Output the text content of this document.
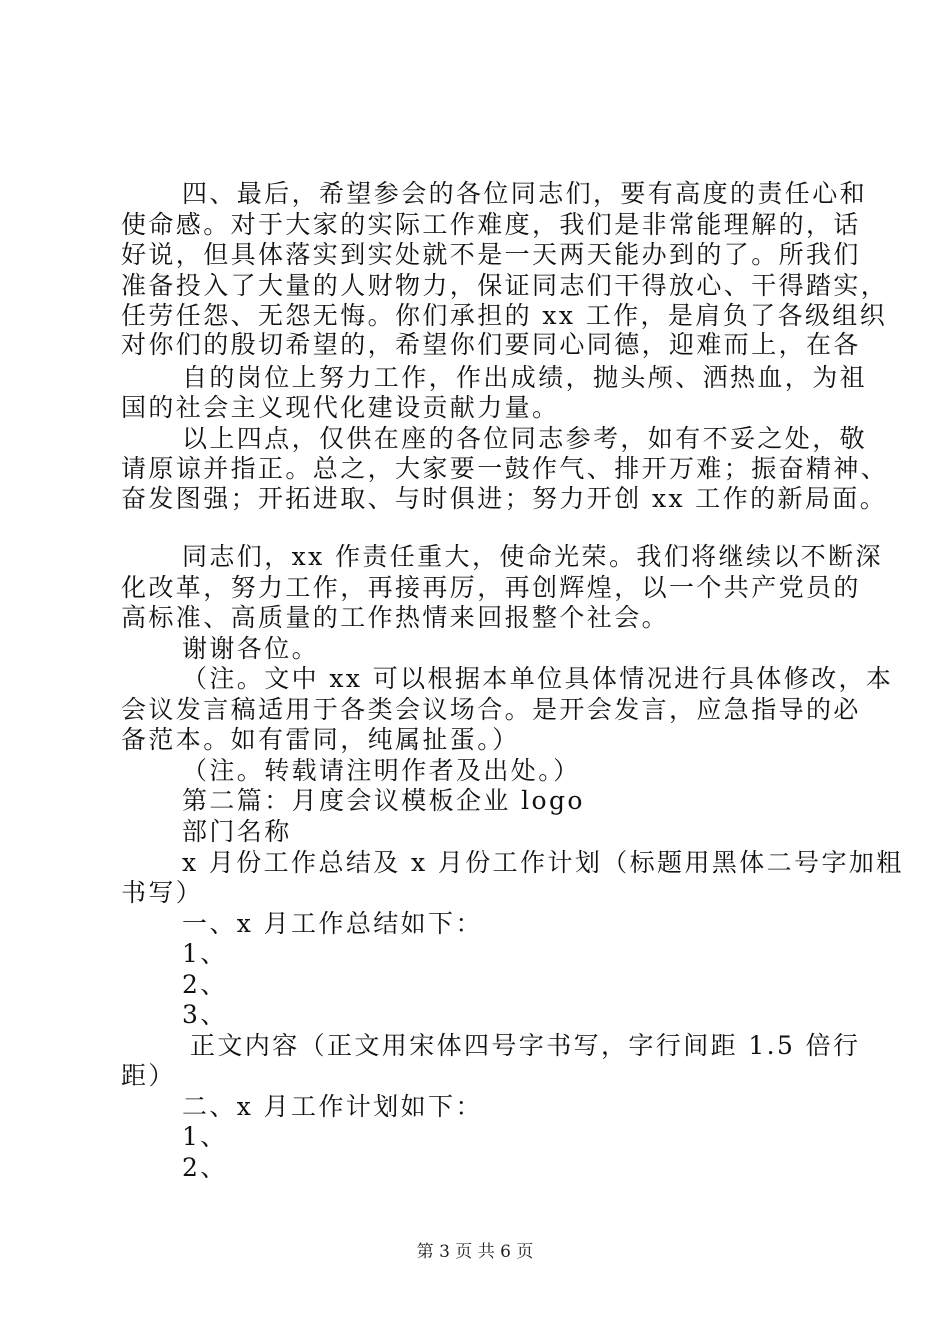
四、最后，希望参会的各位同志们，要有高度的责任心和
使命感。对于大家的实际工作难度，我们是非常能理解的，话
好说，但具体落实到实处就不是一天两天能办到的了。所我们
准备投入了大量的人财物力，保证同志们干得放心、干得踏实，
任劳任怨、无怨无悔。你们承担的 xx 工作，是肩负了各级组织
对你们的殷切希望的，希望你们要同心同德，迎难而上，在各
自的岗位上努力工作，作出成绩，抛头颅、洒热血，为祖
国的社会主义现代化建设贡献力量。
以上四点，仅供在座的各位同志参考，如有不妥之处，敬
请原谅并指正。总之，大家要一鼓作气、排开万难；振奋精神、
奋发图强；开拓进取、与时俱进；努力开创 xx 工作的新局面。
同志们，xx 作责任重大，使命光荣。我们将继续以不断深
化改革，努力工作，再接再厉，再创辉煌，以一个共产党员的
高标准、高质量的工作热情来回报整个社会。
谢谢各位。
（注。文中 xx 可以根据本单位具体情况进行具体修改，本
会议发言稿适用于各类会议场合。是开会发言，应急指导的必
备范本。如有雷同，纯属扯蛋。）
（注。转载请注明作者及出处。）
第二篇：月度会议模板企业 logo
部门名称
x 月份工作总结及 x 月份工作计划（标题用黑体二号字加粗
书写）
一、x 月工作总结如下：
1、
2、
3、
正文内容（正文用宋体四号字书写，字行间距 1.5 倍行
距）
二、x 月工作计划如下：
1、
2、
第 3 页 共 6 页
